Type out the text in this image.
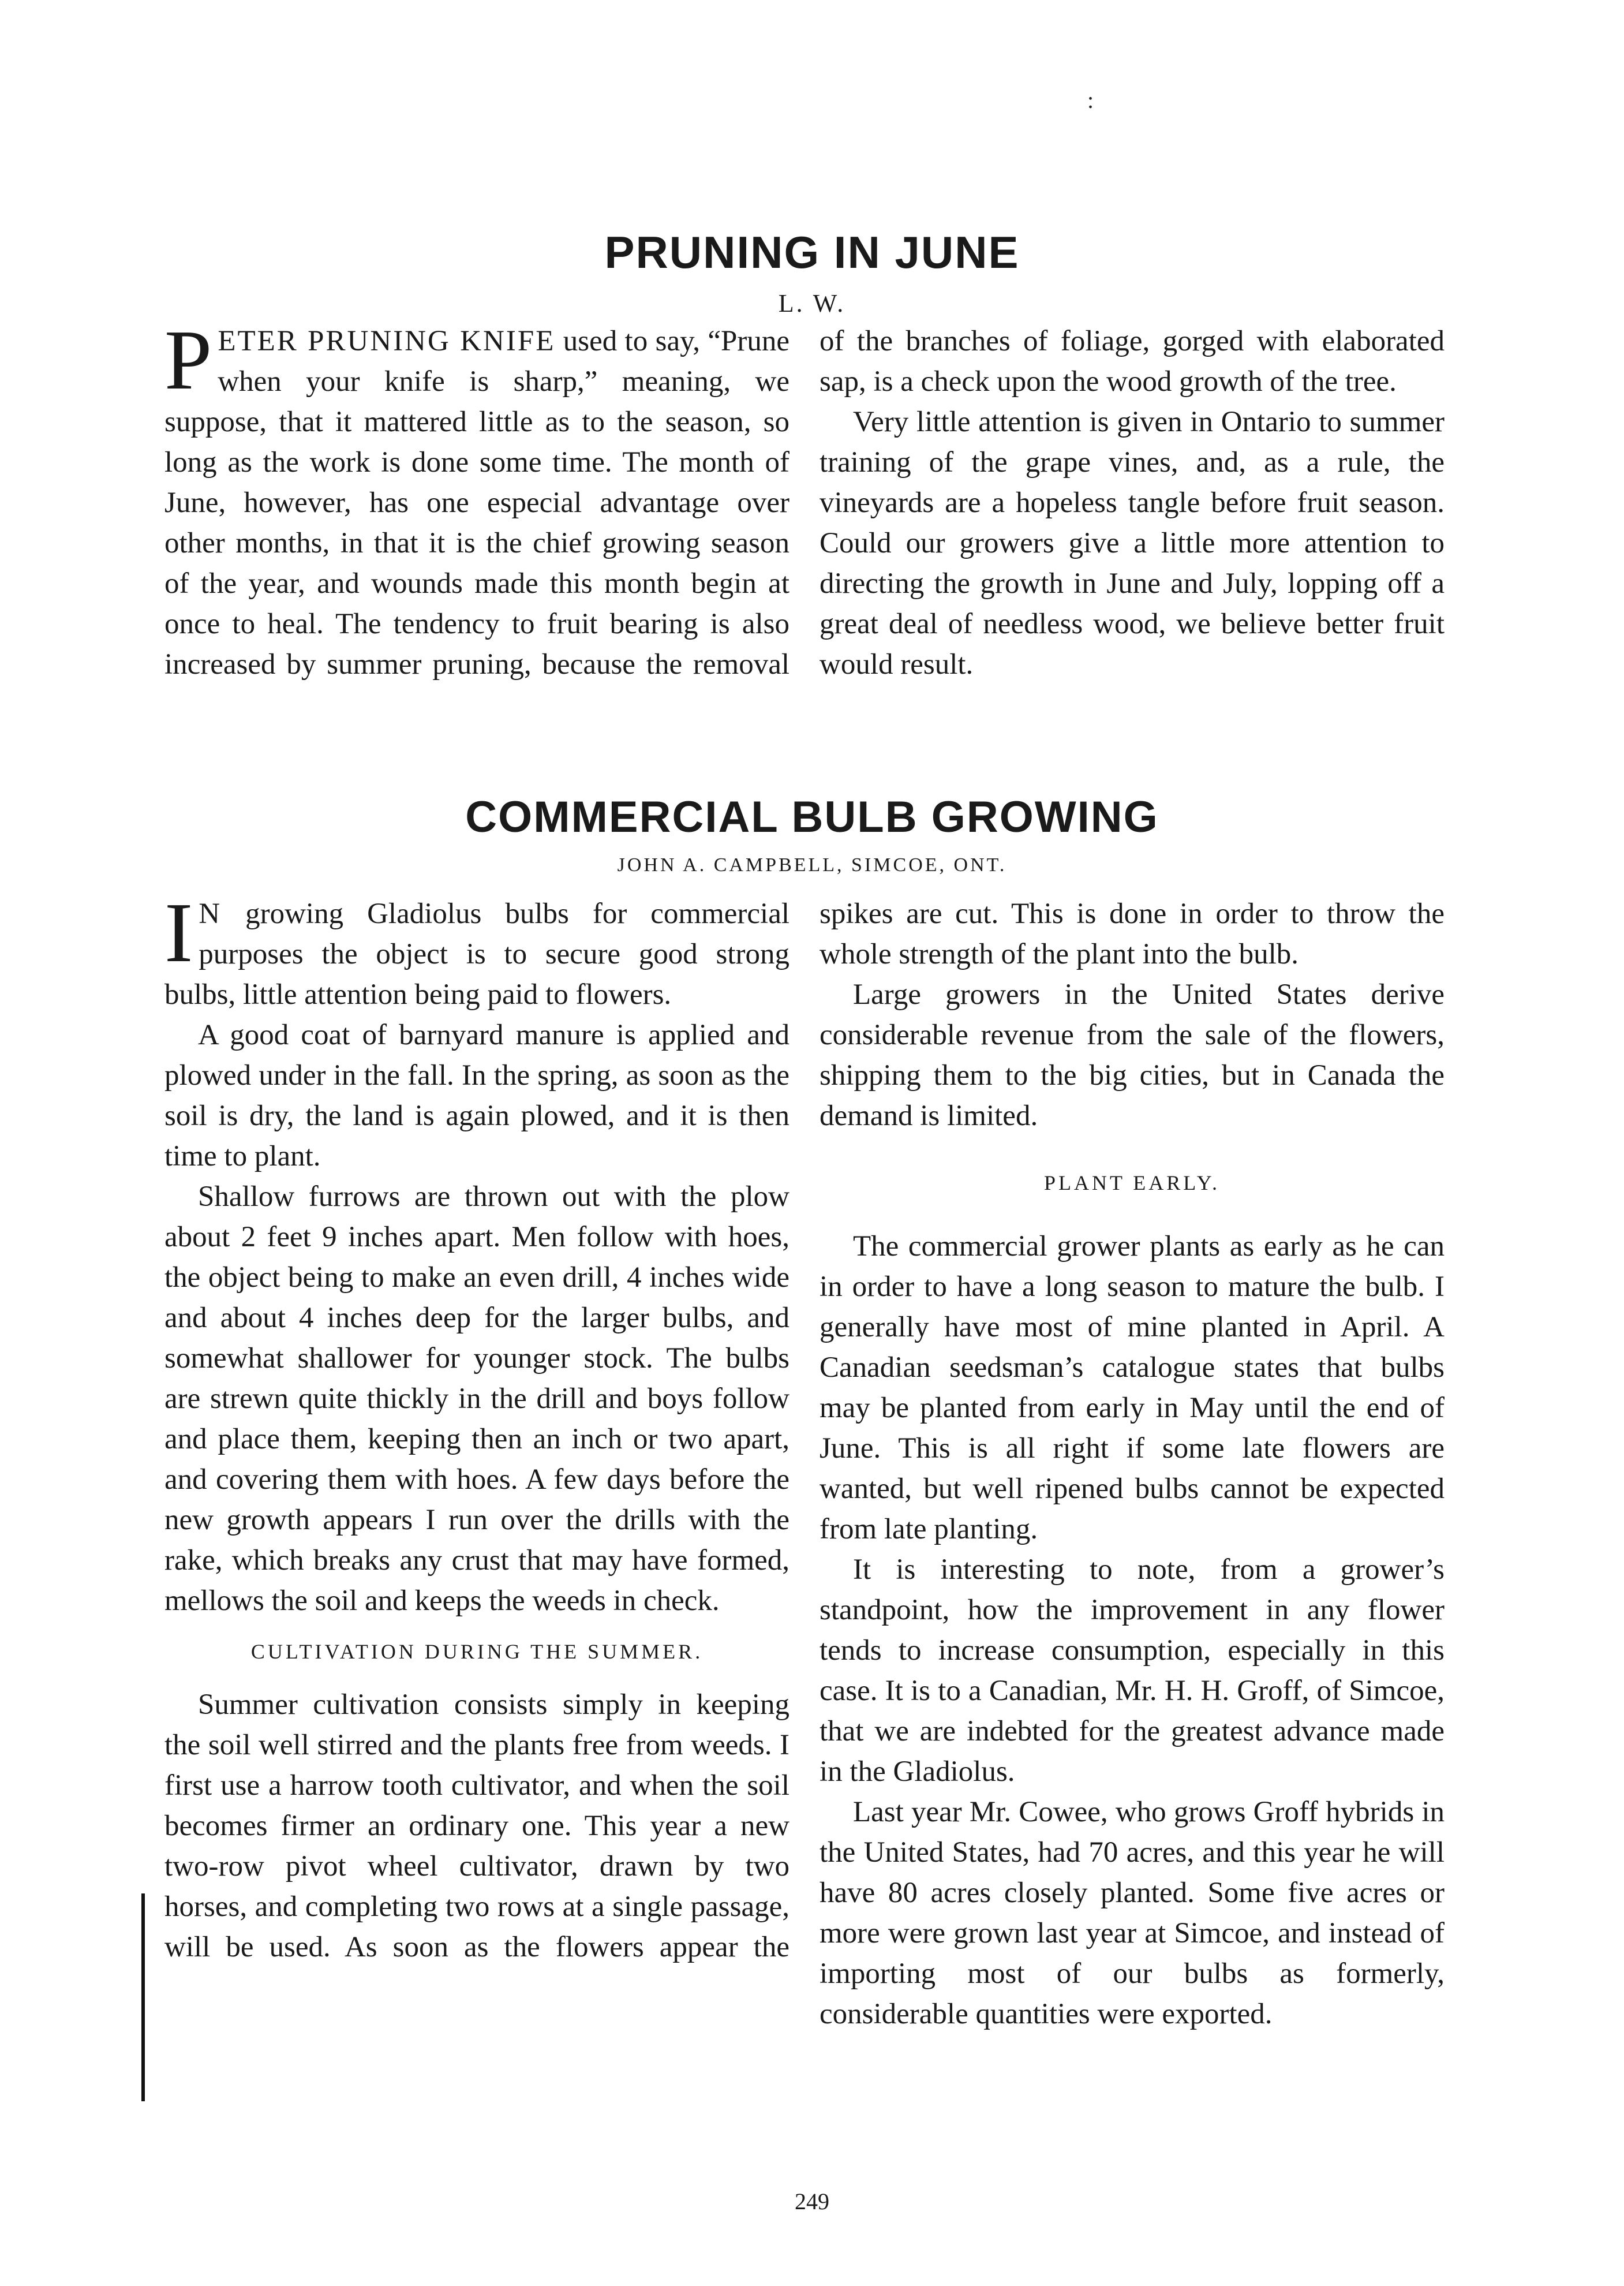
:
PRUNING IN JUNE
L. W.

PETER PRUNING KNIFE used to say, “Prune when your knife is sharp,” meaning, we suppose, that it mattered little as to the season, so long as the work is done some time. The month of June, however, has one especial advantage over other months, in that it is the chief growing season of the year, and wounds made this month begin at once to heal. The tendency to fruit bearing is also increased by summer pruning, because the removal of the branches of foliage, gorged with elaborated sap, is a check upon the wood growth of the tree.

Very little attention is given in Ontario to summer training of the grape vines, and, as a rule, the vineyards are a hopeless tangle before fruit season. Could our growers give a little more attention to directing the growth in June and July, lopping off a great deal of needless wood, we believe better fruit would result.

COMMERCIAL BULB GROWING
JOHN A. CAMPBELL, SIMCOE, ONT.

I N growing Gladiolus bulbs for commercial purposes the object is to secure good strong bulbs, little attention being paid to flowers.

A good coat of barnyard manure is applied and plowed under in the fall. In the spring, as soon as the soil is dry, the land is again plowed, and it is then time to plant.

Shallow furrows are thrown out with the plow about 2 feet 9 inches apart. Men follow with hoes, the object being to make an even drill, 4 inches wide and about 4 inches deep for the larger bulbs, and somewhat shallower for younger stock. The bulbs are strewn quite thickly in the drill and boys follow and place them, keeping then an inch or two apart, and covering them with hoes. A few days before the new growth appears I run over the drills with the rake, which breaks any crust that may have formed, mellows the soil and keeps the weeds in check.

CULTIVATION DURING THE SUMMER.

Summer cultivation consists simply in keeping the soil well stirred and the plants free from weeds. I first use a harrow tooth cultivator, and when the soil becomes firmer an ordinary one. This year a new two-row pivot wheel cultivator, drawn by two horses, and completing two rows at a single passage, will be used. As soon as the flowers appear the spikes are cut. This is done in order to throw the whole strength of the plant into the bulb.

Large growers in the United States derive considerable revenue from the sale of the flowers, shipping them to the big cities, but in Canada the demand is limited.

PLANT EARLY.

The commercial grower plants as early as he can in order to have a long season to mature the bulb. I generally have most of mine planted in April. A Canadian seedsman’s catalogue states that bulbs may be planted from early in May until the end of June. This is all right if some late flowers are wanted, but well ripened bulbs cannot be expected from late planting.

It is interesting to note, from a grower’s standpoint, how the improvement in any flower tends to increase consumption, especially in this case. It is to a Canadian, Mr. H. H. Groff, of Simcoe, that we are indebted for the greatest advance made in the Gladiolus.

Last year Mr. Cowee, who grows Groff hybrids in the United States, had 70 acres, and this year he will have 80 acres closely planted. Some five acres or more were grown last year at Simcoe, and instead of importing most of our bulbs as formerly, considerable quantities were exported.

249
